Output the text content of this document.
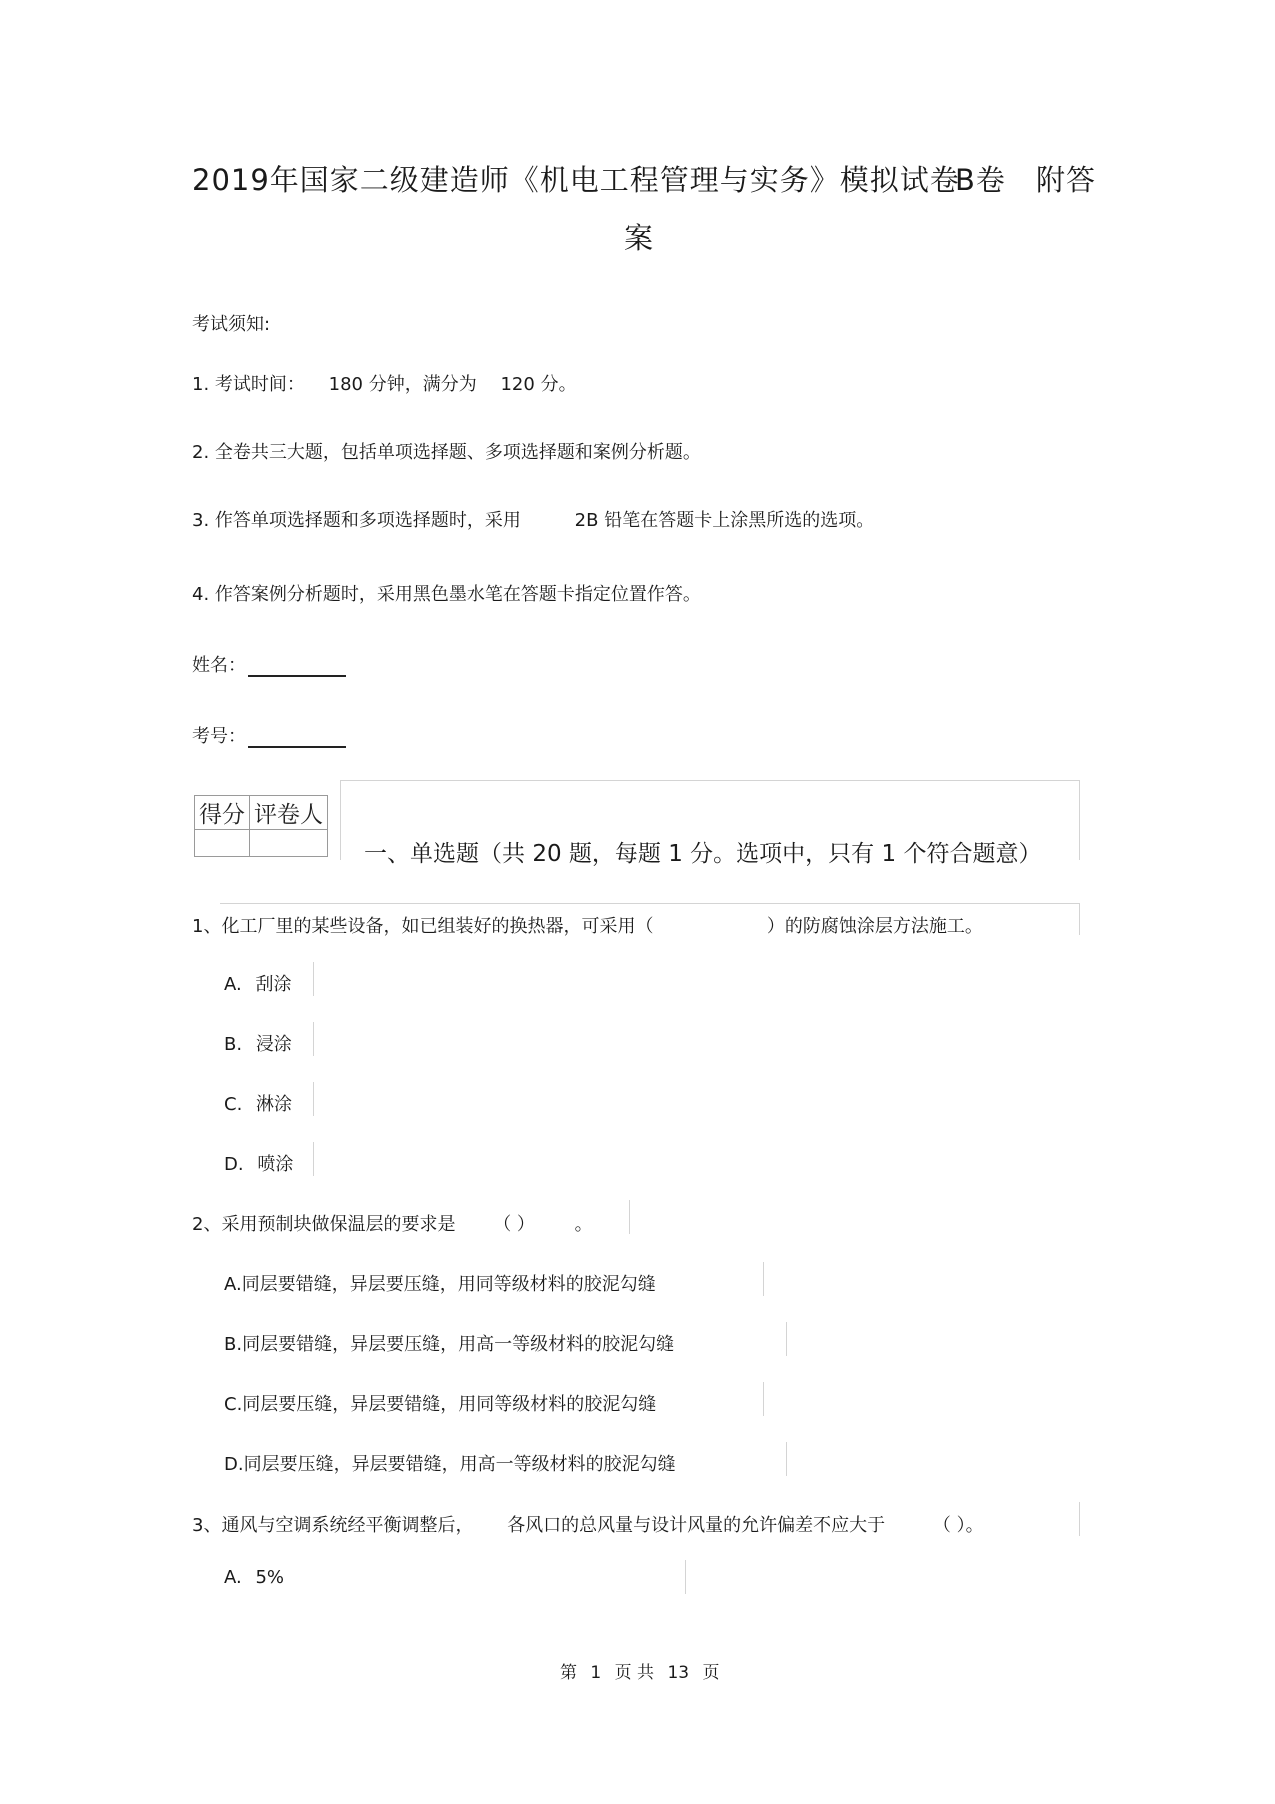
2019年国家二级建造师《机电工程管理与实务》模拟试卷
B卷 附答
案
考试须知:
1. 考试时间： 180 分钟，满分为 120 分。
2. 全卷共三大题，包括单项选择题、多项选择题和案例分析题。
3. 作答单项选择题和多项选择题时，采用	2B 铅笔在答题卡上涂黑所选的选项。
4. 作答案例分析题时，采用黑色墨水笔在答题卡指定位置作答。
姓名：
考号：
得分	评卷人

一、单选题（共 20 题，每题 1 分。选项中，只有 1 个符合题意）
1、化工厂里的某些设备，如已组装好的换热器，可采用（	）的防腐蚀涂层方法施工。
A. 刮涂
B. 浸涂
C. 淋涂
D. 喷涂
2、采用预制块做保温层的要求是 （ ） 。
A.同层要错缝，异层要压缝，用同等级材料的胶泥勾缝
B.同层要错缝，异层要压缝，用高一等级材料的胶泥勾缝
C.同层要压缝，异层要错缝，用同等级材料的胶泥勾缝
D.同层要压缝，异层要错缝，用高一等级材料的胶泥勾缝
3、通风与空调系统经平衡调整后， 各风口的总风量与设计风量的允许偏差不应大于	（ ）。
A. 5%
第 1 页 共 13 页
